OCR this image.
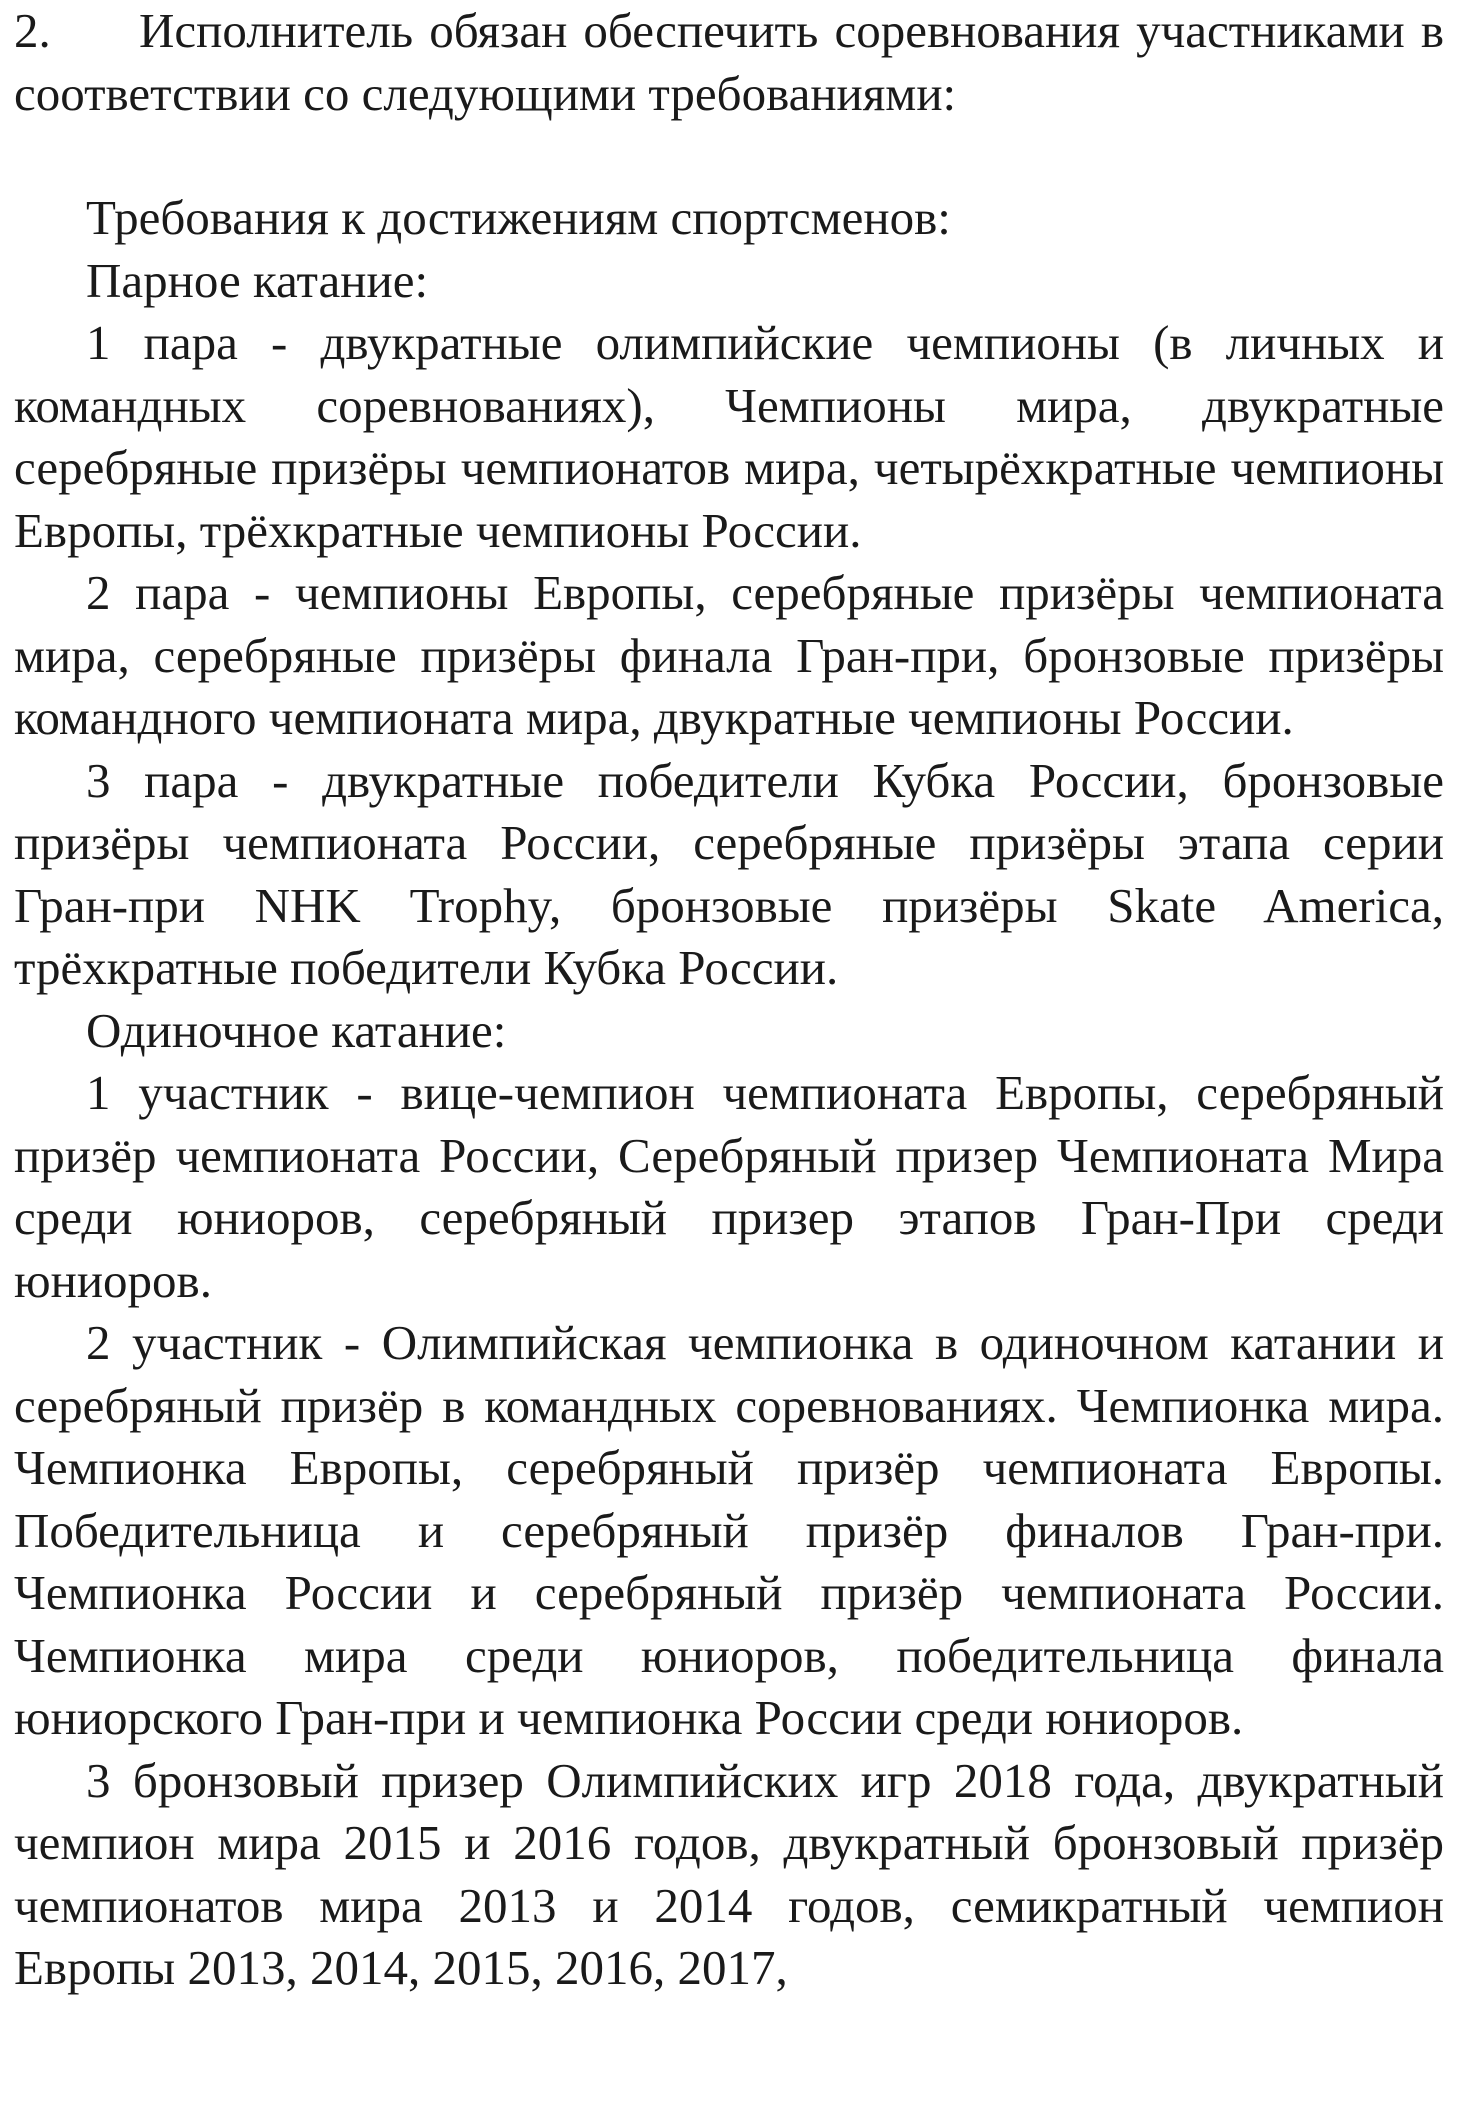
2. Исполнитель обязан обеспечить соревнования участниками в соответствии со следующими требованиями:

Требования к достижениям спортсменов:

Парное катание:

1 пара - двукратные олимпийские чемпионы (в личных и командных соревнованиях), Чемпионы мира, двукратные серебряные призёры чемпионатов мира, четырёхкратные чемпионы Европы, трёхкратные чемпионы России.

2 пара - чемпионы Европы, серебряные призёры чемпионата мира, серебряные призёры финала Гран-при, бронзовые призёры командного чемпионата мира, двукратные чемпионы России.

3 пара - двукратные победители Кубка России, бронзовые призёры чемпионата России, серебряные призёры этапа серии Гран-при NHK Trophy, бронзовые призёры Skate America, трёхкратные победители Кубка России.

Одиночное катание:

1 участник - вице-чемпион чемпионата Европы, серебряный призёр чемпионата России, Серебряный призер Чемпионата Мира среди юниоров, серебряный призер этапов Гран-При среди юниоров.

2 участник - Олимпийская чемпионка в одиночном катании и серебряный призёр в командных соревнованиях. Чемпионка мира. Чемпионка Европы, серебряный призёр чемпионата Европы. Победительница и серебряный призёр финалов Гран-при. Чемпионка России и серебряный призёр чемпионата России. Чемпионка мира среди юниоров, победительница финала юниорского Гран-при и чемпионка России среди юниоров.

3 бронзовый призер Олимпийских игр 2018 года, двукратный чемпион мира 2015 и 2016 годов, двукратный бронзовый призёр чемпионатов мира 2013 и 2014 годов, семикратный чемпион Европы 2013, 2014, 2015, 2016, 2017,
